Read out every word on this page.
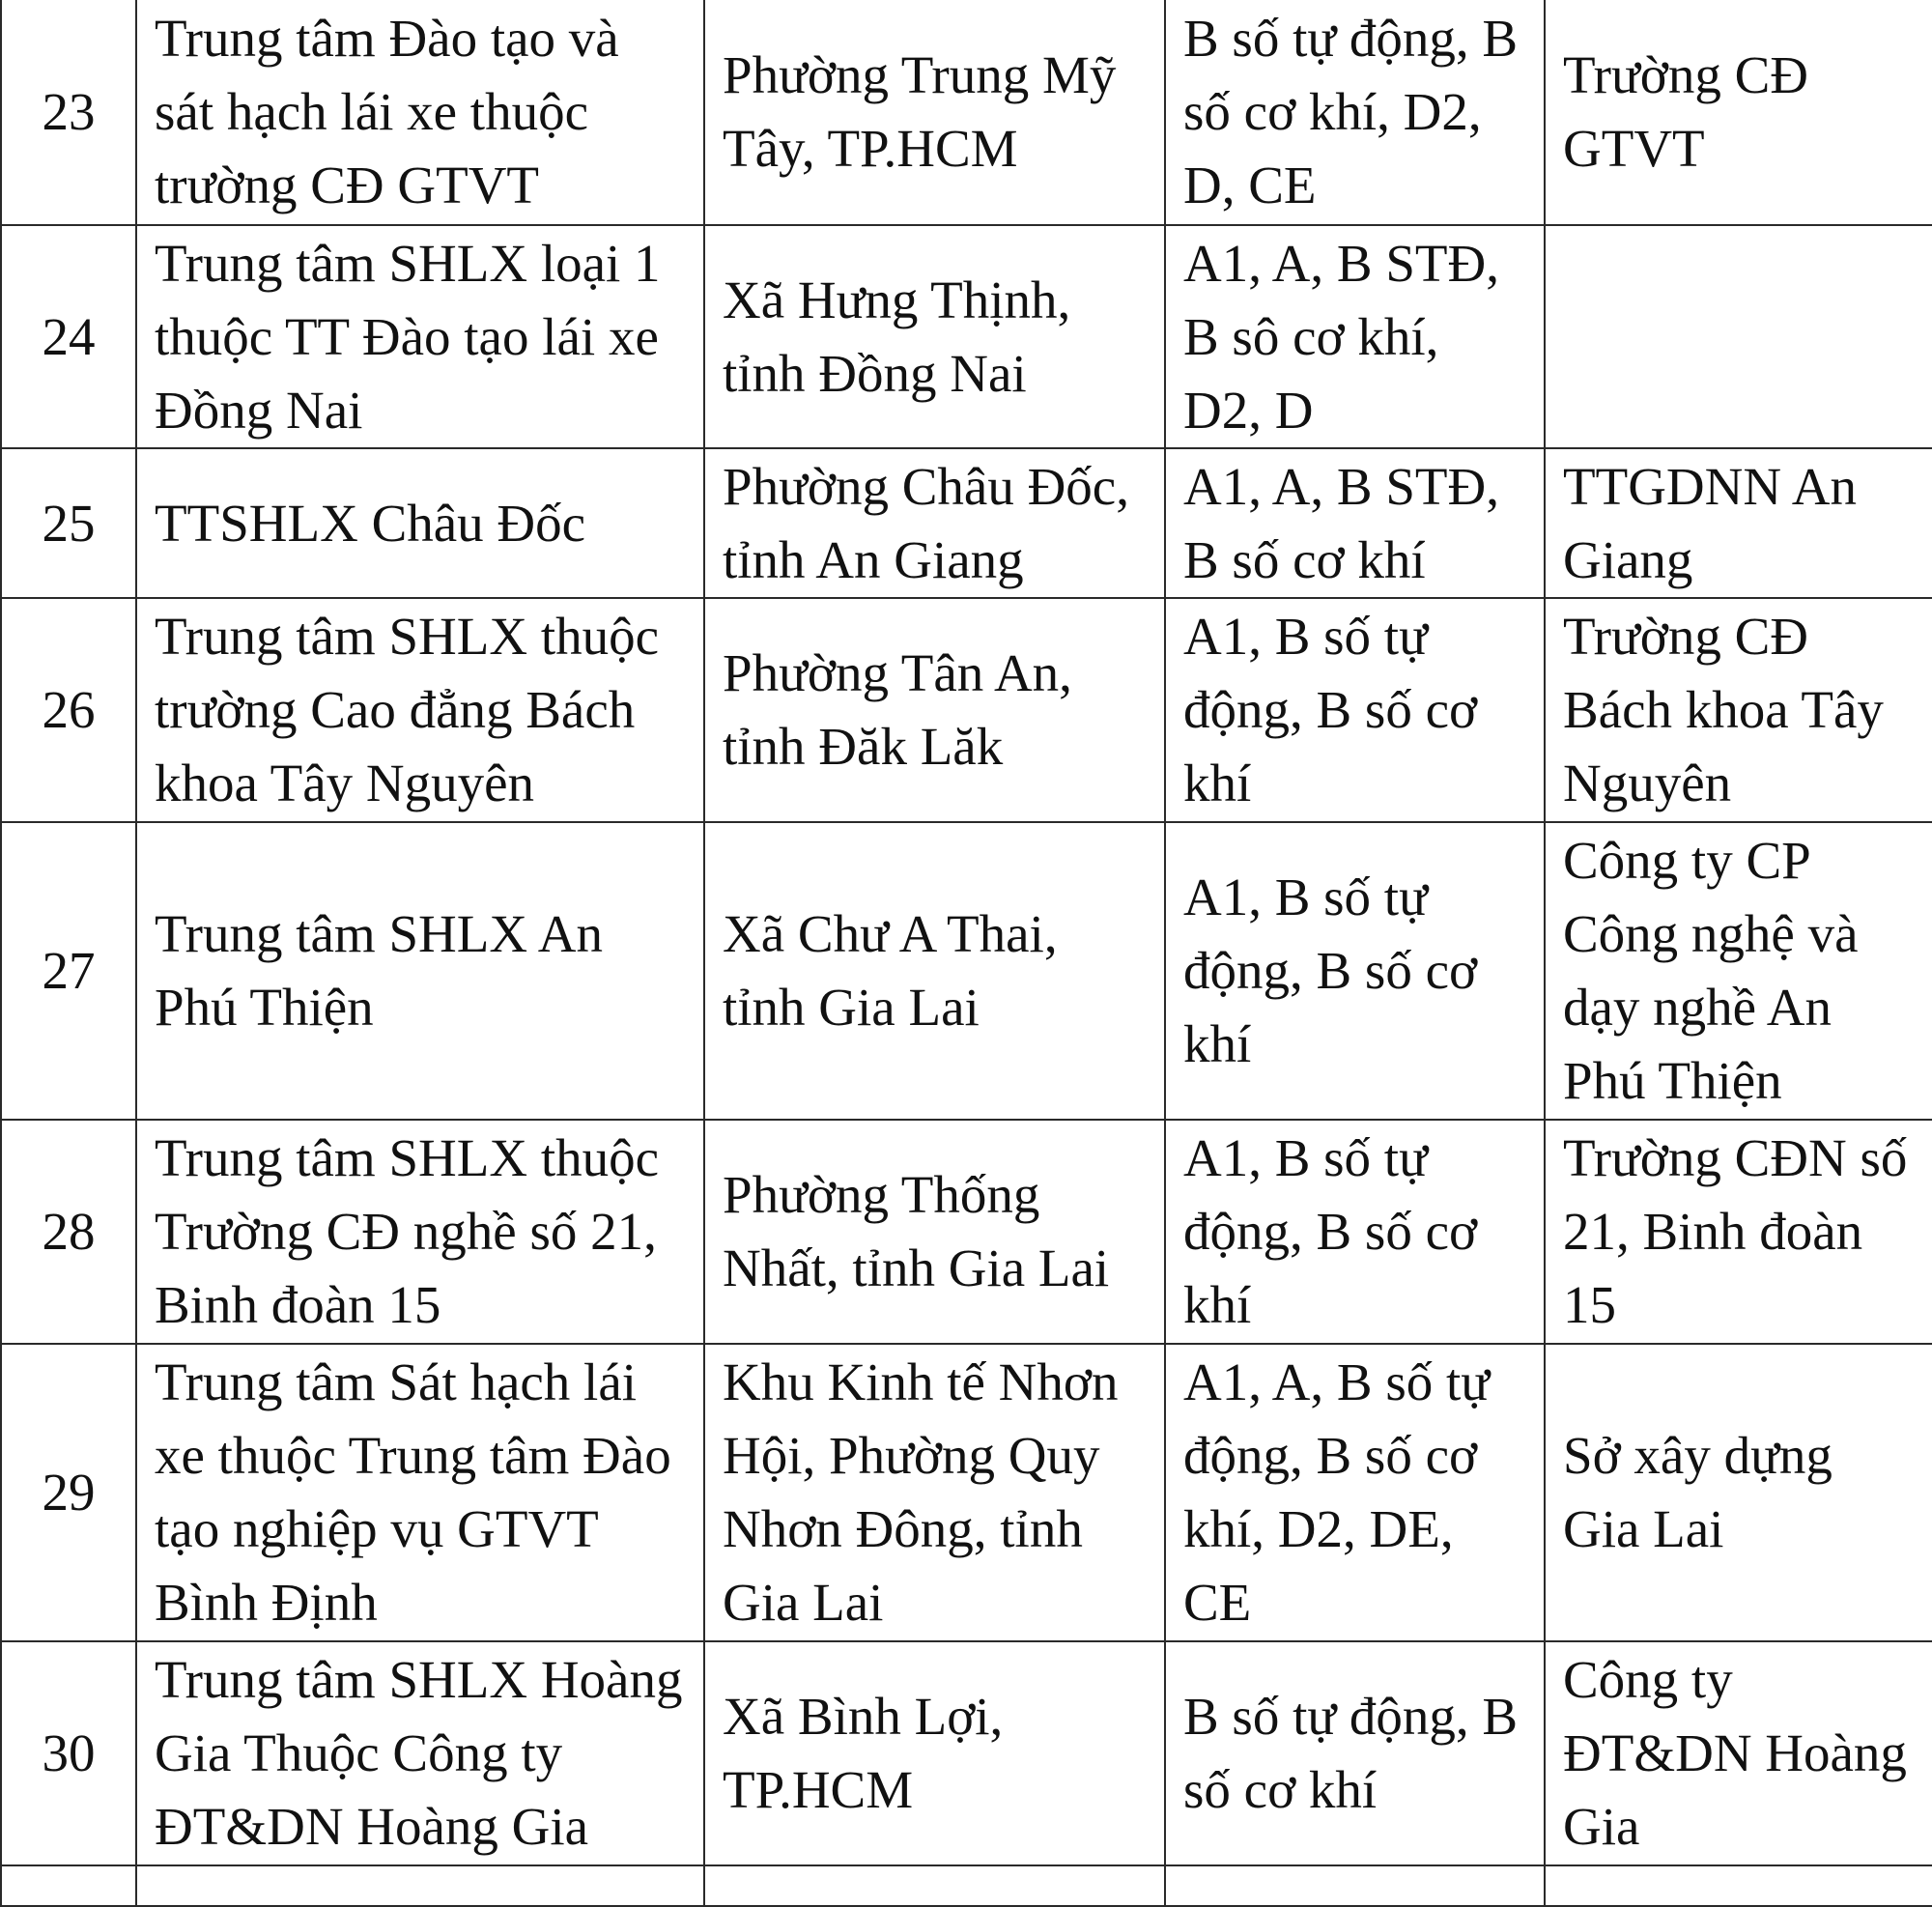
23	Trung tâm Đào tạo và sát hạch lái xe thuộc trường CĐ GTVT	Phường Trung Mỹ Tây, TP.HCM	B số tự động, B số cơ khí, D2, D, CE	Trường CĐ GTVT

24	Trung tâm SHLX loại 1 thuộc TT Đào tạo lái xe Đồng Nai	Xã Hưng Thịnh, tỉnh Đồng Nai	A1, A, B STĐ, B sô cơ khí, D2, D	

25	TTSHLX Châu Đốc	Phường Châu Đốc, tỉnh An Giang	A1, A, B STĐ, B số cơ khí	TTGDNN An Giang

26	Trung tâm SHLX thuộc trường Cao đẳng Bách khoa Tây Nguyên	Phường Tân An, tỉnh Đăk Lăk	A1, B số tự động, B số cơ khí	Trường CĐ Bách khoa Tây Nguyên

27	Trung tâm SHLX An Phú Thiện	Xã Chư A Thai, tỉnh Gia Lai	A1, B số tự động, B số cơ khí	Công ty CP Công nghệ và dạy nghề An Phú Thiện

28	Trung tâm SHLX thuộc Trường CĐ nghề số 21, Binh đoàn 15	Phường Thống Nhất, tỉnh Gia Lai	A1, B số tự động, B số cơ khí	Trường CĐN số 21, Binh đoàn 15

29	Trung tâm Sát hạch lái xe thuộc Trung tâm Đào tạo nghiệp vụ GTVT Bình Định	Khu Kinh tế Nhơn Hội, Phường Quy Nhơn Đông, tỉnh Gia Lai	A1, A, B số tự động, B số cơ khí, D2, DE, CE	Sở xây dựng Gia Lai

30	Trung tâm SHLX Hoàng Gia Thuộc Công ty ĐT&DN Hoàng Gia	Xã Bình Lợi, TP.HCM	B số tự động, B số cơ khí	Công ty ĐT&DN Hoàng Gia
